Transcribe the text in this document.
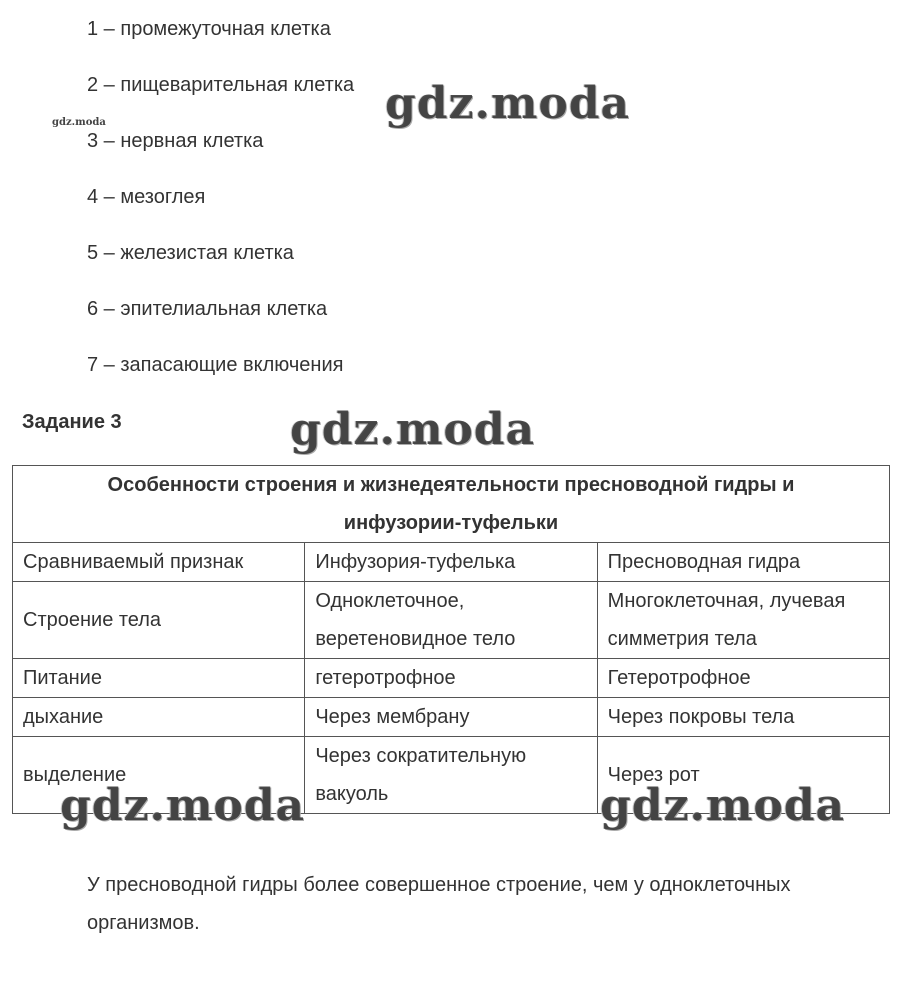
1 – промежуточная клетка
2 – пищеварительная клетка
3 – нервная клетка
4 – мезоглея
5 – железистая клетка
6 – эпителиальная клетка
7 – запасающие включения
Задание 3
Особенности строения и жизнедеятельности пресноводной гидры и инфузории-туфельки		
Сравниваемый признак	Инфузория-туфелька	Пресноводная гидра
Строение тела	Одноклеточное, веретеновидное тело	Многоклеточная, лучевая симметрия тела
Питание	гетеротрофное	Гетеротрофное
дыхание	Через мембрану	Через покровы тела
выделение	Через сократительную вакуоль	Через рот
У пресноводной гидры более совершенное строение, чем у одноклеточных организмов.
gdz.moda	gdz.moda
gdz.moda
gdz.moda	gdz.moda
